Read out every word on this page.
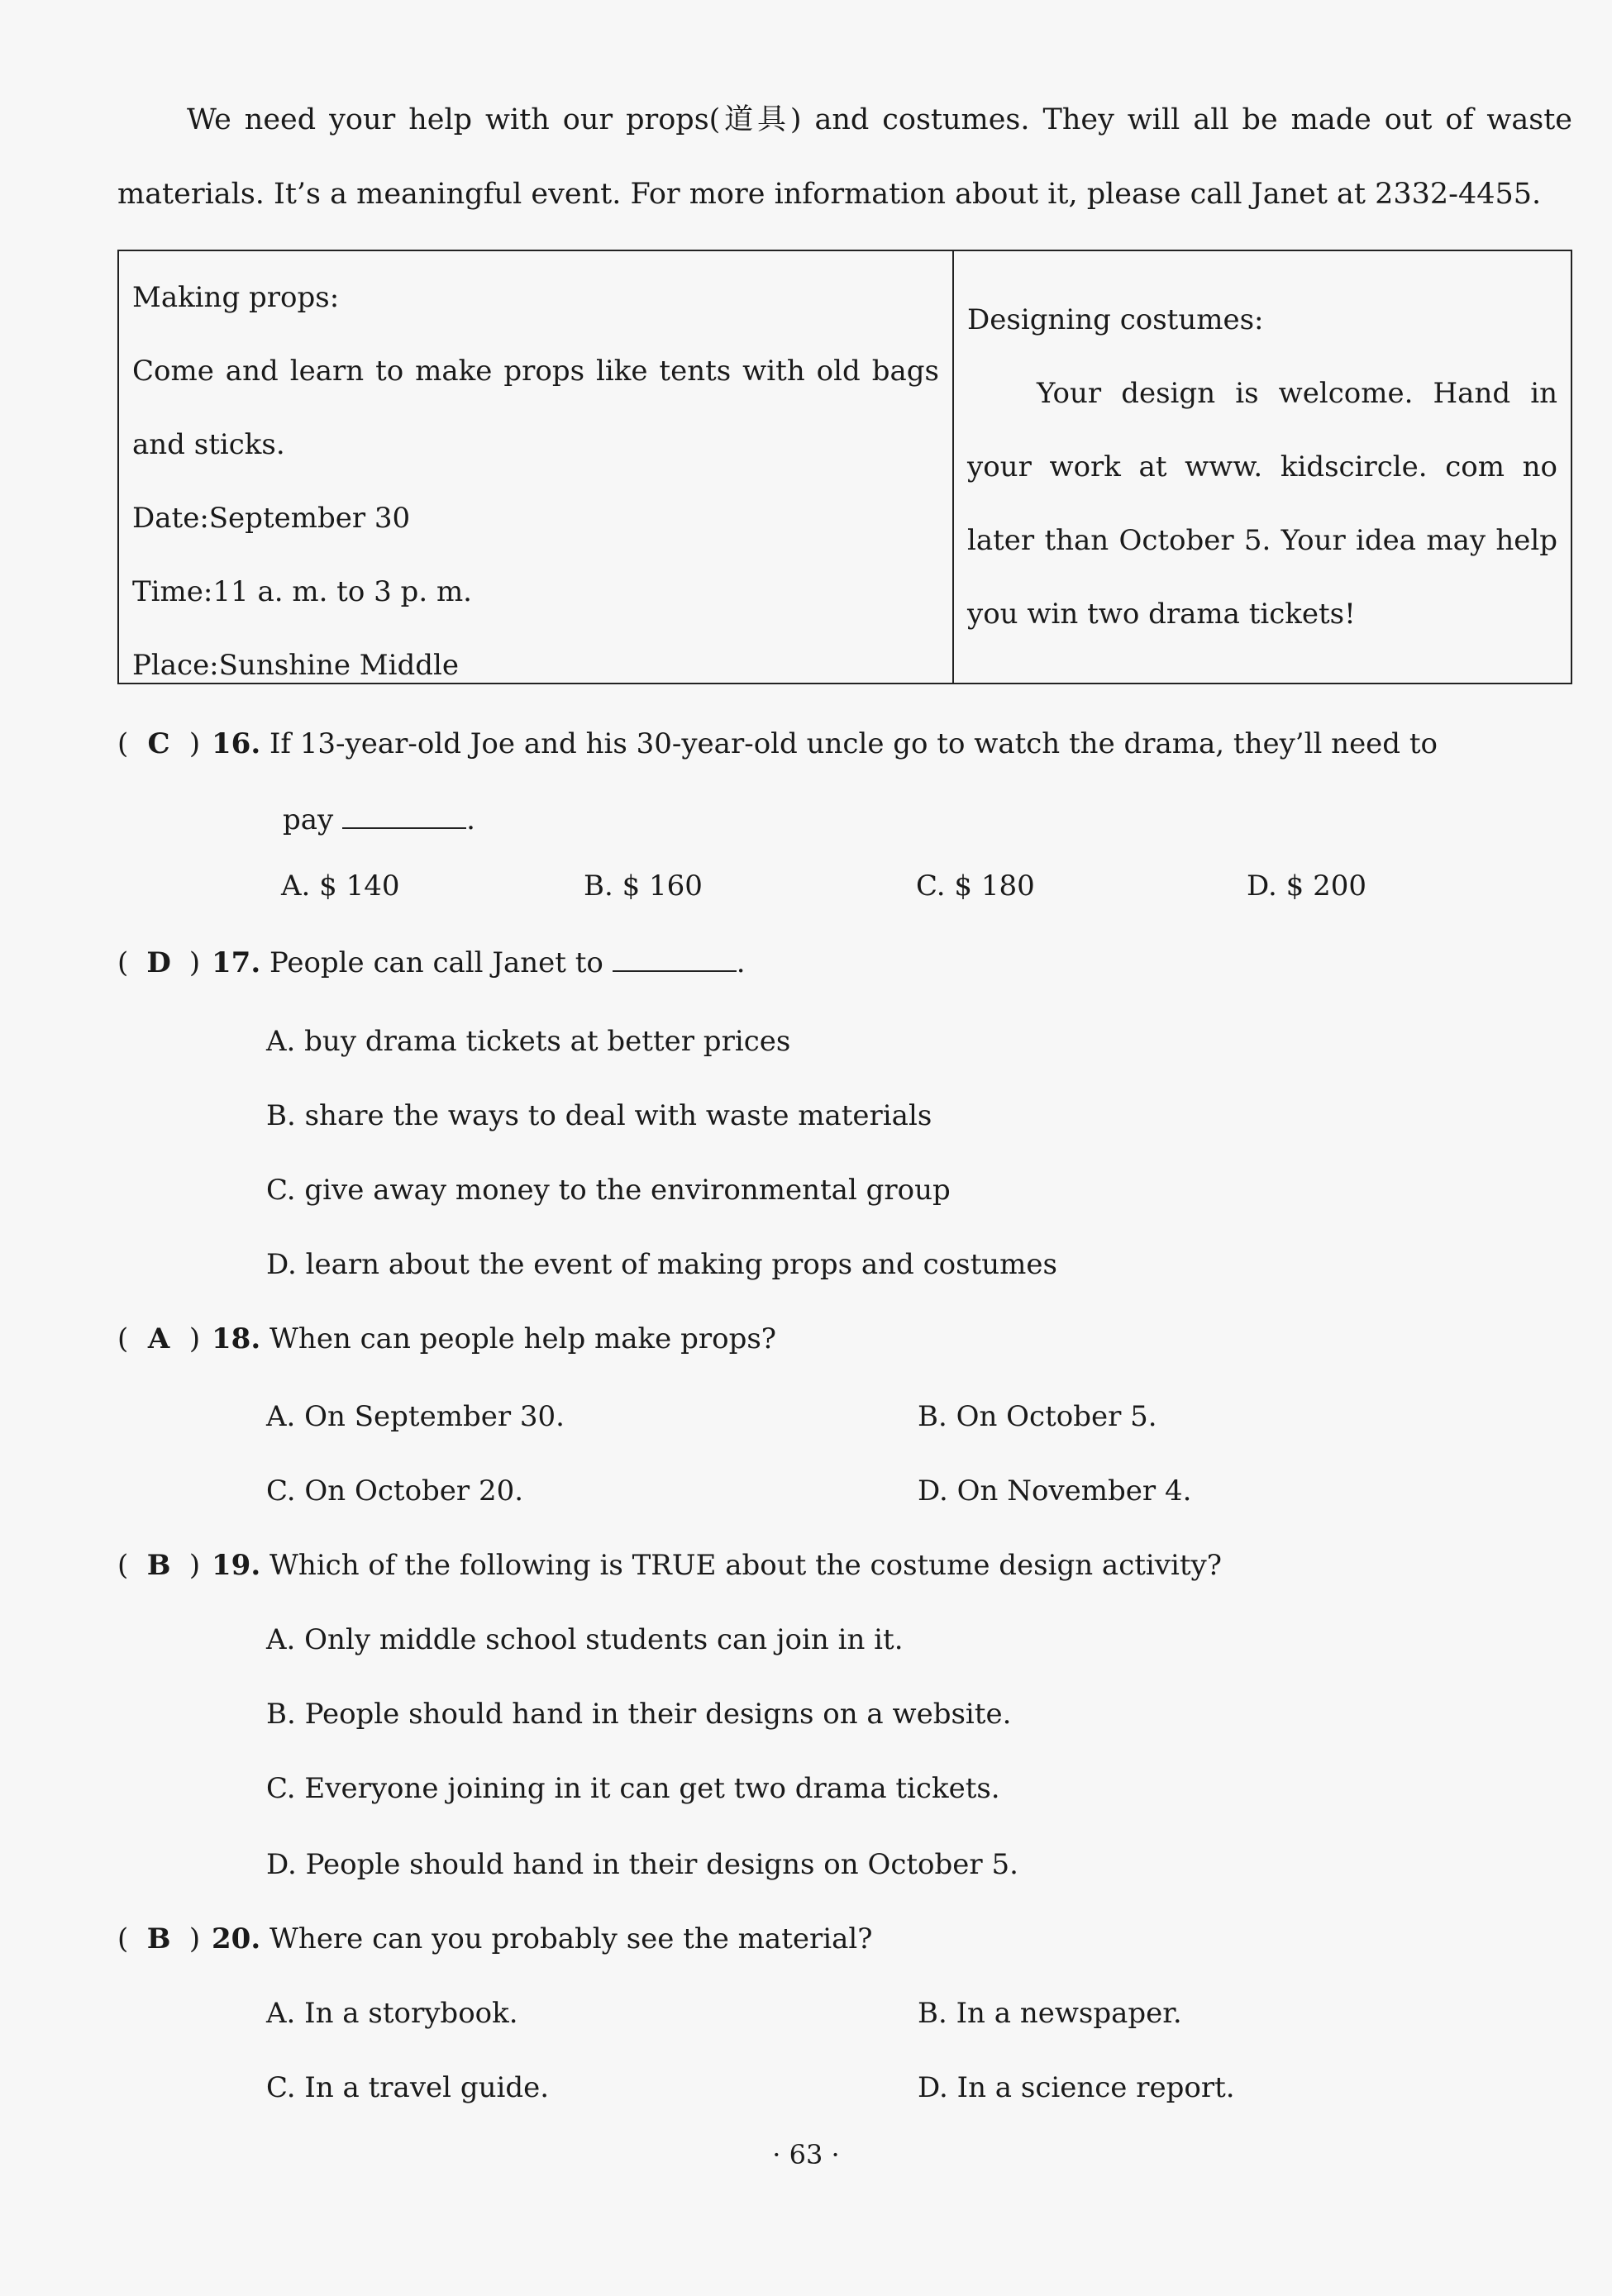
We need your help with our props(道具) and costumes. They will all be made out of waste materials. It’s a meaningful event. For more information about it, please call Janet at 2332-4455.

Making props:
Come and learn to make props like tents with old bags and sticks.
Date:September 30
Time:11 a. m. to 3 p. m.
Place:Sunshine Middle
Designing costumes:
Your design is welcome. Hand in your work at www. kidscircle. com no later than October 5. Your idea may help you win two drama tickets!
( C ) 16. If 13-year-old Joe and his 30-year-old uncle go to watch the drama, they’ll need to
pay	.
A. $ 140	B. $ 160	C. $ 180	D. $ 200
( D ) 17. People can call Janet to	.
A. buy drama tickets at better prices
B. share the ways to deal with waste materials
C. give away money to the environmental group
D. learn about the event of making props and costumes
( A ) 18. When can people help make props?
A. On September 30.	B. On October 5.
C. On October 20.	D. On November 4.
( B ) 19. Which of the following is TRUE about the costume design activity?
A. Only middle school students can join in it.
B. People should hand in their designs on a website.
C. Everyone joining in it can get two drama tickets.
D. People should hand in their designs on October 5.
( B ) 20. Where can you probably see the material?
A. In a storybook.	B. In a newspaper.
C. In a travel guide.	D. In a science report.
· 63 ·
